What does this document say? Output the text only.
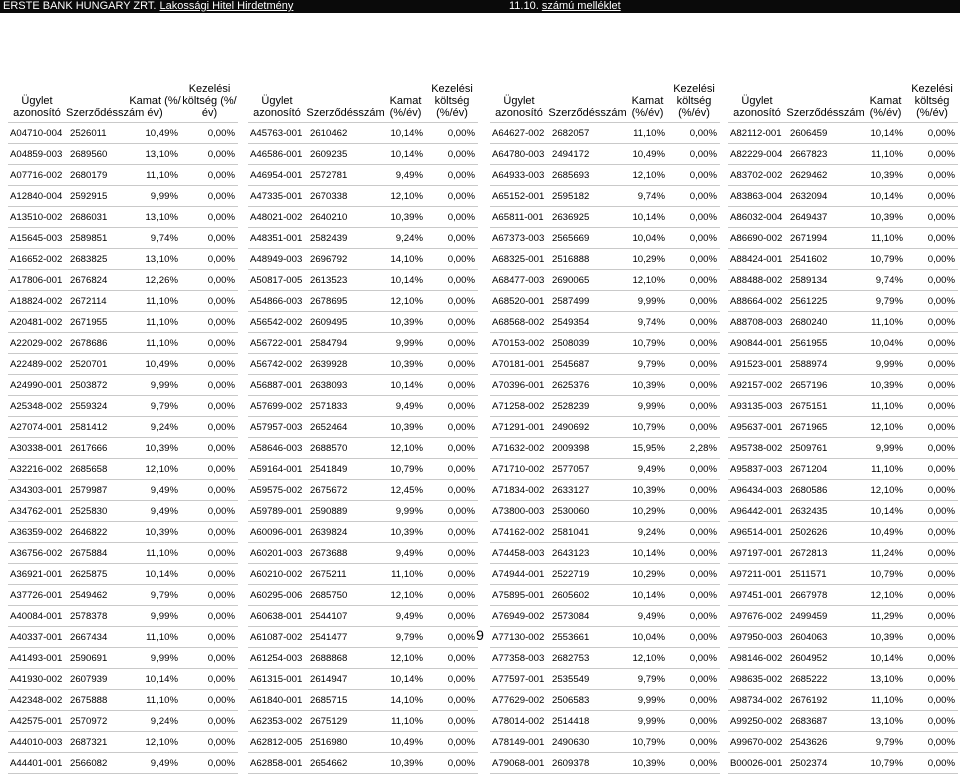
ERSTE BANK HUNGARY ZRT. Lakossági Hitel Hirdetmény	11.10. számú melléklet
Ügylet azonosító	Szerződésszám	Kamat (%/év)	Kezelési költség (%/év)
A04710-004	2526011	10,49%	0,00%
A04859-003	2689560	13,10%	0,00%
A07716-002	2680179	11,10%	0,00%
A12840-004	2592915	9,99%	0,00%
A13510-002	2686031	13,10%	0,00%
A15645-003	2589851	9,74%	0,00%
A16652-002	2683825	13,10%	0,00%
A17806-001	2676824	12,26%	0,00%
A18824-002	2672114	11,10%	0,00%
A20481-002	2671955	11,10%	0,00%
A22029-002	2678686	11,10%	0,00%
A22489-002	2520701	10,49%	0,00%
A24990-001	2503872	9,99%	0,00%
A25348-002	2559324	9,79%	0,00%
A27074-001	2581412	9,24%	0,00%
A30338-001	2617666	10,39%	0,00%
A32216-002	2685658	12,10%	0,00%
A34303-001	2579987	9,49%	0,00%
A34762-001	2525830	9,49%	0,00%
A36359-002	2646822	10,39%	0,00%
A36756-002	2675884	11,10%	0,00%
A36921-001	2625875	10,14%	0,00%
A37726-001	2549462	9,79%	0,00%
A40084-001	2578378	9,99%	0,00%
A40337-001	2667434	11,10%	0,00%
A41493-001	2590691	9,99%	0,00%
A41930-002	2607939	10,14%	0,00%
A42348-002	2675888	11,10%	0,00%
A42575-001	2570972	9,24%	0,00%
A44010-003	2687321	12,10%	0,00%
A44401-001	2566082	9,49%	0,00%
Ügylet azonosító	Szerződésszám	Kamat (%/év)	Kezelési költség (%/év)
A45763-001	2610462	10,14%	0,00%
A46586-001	2609235	10,14%	0,00%
A46954-001	2572781	9,49%	0,00%
A47335-001	2670338	12,10%	0,00%
A48021-002	2640210	10,39%	0,00%
A48351-001	2582439	9,24%	0,00%
A48949-003	2696792	14,10%	0,00%
A50817-005	2613523	10,14%	0,00%
A54866-003	2678695	12,10%	0,00%
A56542-002	2609495	10,39%	0,00%
A56722-001	2584794	9,99%	0,00%
A56742-002	2639928	10,39%	0,00%
A56887-001	2638093	10,14%	0,00%
A57699-002	2571833	9,49%	0,00%
A57957-003	2652464	10,39%	0,00%
A58646-003	2688570	12,10%	0,00%
A59164-001	2541849	10,79%	0,00%
A59575-002	2675672	12,45%	0,00%
A59789-001	2590889	9,99%	0,00%
A60096-001	2639824	10,39%	0,00%
A60201-003	2673688	9,49%	0,00%
A60210-002	2675211	11,10%	0,00%
A60295-006	2685750	12,10%	0,00%
A60638-001	2544107	9,49%	0,00%
A61087-002	2541477	9,79%	0,00%
A61254-003	2688868	12,10%	0,00%
A61315-001	2614947	10,14%	0,00%
A61840-001	2685715	14,10%	0,00%
A62353-002	2675129	11,10%	0,00%
A62812-005	2516980	10,49%	0,00%
A62858-001	2654662	10,39%	0,00%
Ügylet azonosító	Szerződésszám	Kamat (%/év)	Kezelési költség (%/év)
A64627-002	2682057	11,10%	0,00%
A64780-003	2494172	10,49%	0,00%
A64933-003	2685693	12,10%	0,00%
A65152-001	2595182	9,74%	0,00%
A65811-001	2636925	10,14%	0,00%
A67373-003	2565669	10,04%	0,00%
A68325-001	2516888	10,29%	0,00%
A68477-003	2690065	12,10%	0,00%
A68520-001	2587499	9,99%	0,00%
A68568-002	2549354	9,74%	0,00%
A70153-002	2508039	10,79%	0,00%
A70181-001	2545687	9,79%	0,00%
A70396-001	2625376	10,39%	0,00%
A71258-002	2528239	9,99%	0,00%
A71291-001	2490692	10,79%	0,00%
A71632-002	2009398	15,95%	2,28%
A71710-002	2577057	9,49%	0,00%
A71834-002	2633127	10,39%	0,00%
A73800-003	2530060	10,29%	0,00%
A74162-002	2581041	9,24%	0,00%
A74458-003	2643123	10,14%	0,00%
A74944-001	2522719	10,29%	0,00%
A75895-001	2605602	10,14%	0,00%
A76949-002	2573084	9,49%	0,00%
A77130-002	2553661	10,04%	0,00%
A77358-003	2682753	12,10%	0,00%
A77597-001	2535549	9,79%	0,00%
A77629-002	2506583	9,99%	0,00%
A78014-002	2514418	9,99%	0,00%
A78149-001	2490630	10,79%	0,00%
A79068-001	2609378	10,39%	0,00%
Ügylet azonosító	Szerződésszám	Kamat (%/év)	Kezelési költség (%/év)
A82112-001	2606459	10,14%	0,00%
A82229-004	2667823	11,10%	0,00%
A83702-002	2629462	10,39%	0,00%
A83863-004	2632094	10,14%	0,00%
A86032-004	2649437	10,39%	0,00%
A86690-002	2671994	11,10%	0,00%
A88424-001	2541602	10,79%	0,00%
A88488-002	2589134	9,74%	0,00%
A88664-002	2561225	9,79%	0,00%
A88708-003	2680240	11,10%	0,00%
A90844-001	2561955	10,04%	0,00%
A91523-001	2588974	9,99%	0,00%
A92157-002	2657196	10,39%	0,00%
A93135-003	2675151	11,10%	0,00%
A95637-001	2671965	12,10%	0,00%
A95738-002	2509761	9,99%	0,00%
A95837-003	2671204	11,10%	0,00%
A96434-003	2680586	12,10%	0,00%
A96442-001	2632435	10,14%	0,00%
A96514-001	2502626	10,49%	0,00%
A97197-001	2672813	11,24%	0,00%
A97211-001	2511571	10,79%	0,00%
A97451-001	2667978	12,10%	0,00%
A97676-002	2499459	11,29%	0,00%
A97950-003	2604063	10,39%	0,00%
A98146-002	2604952	10,14%	0,00%
A98635-002	2685222	13,10%	0,00%
A98734-002	2676192	11,10%	0,00%
A99250-002	2683687	13,10%	0,00%
A99670-002	2543626	9,79%	0,00%
B00026-001	2502374	10,79%	0,00%
9
